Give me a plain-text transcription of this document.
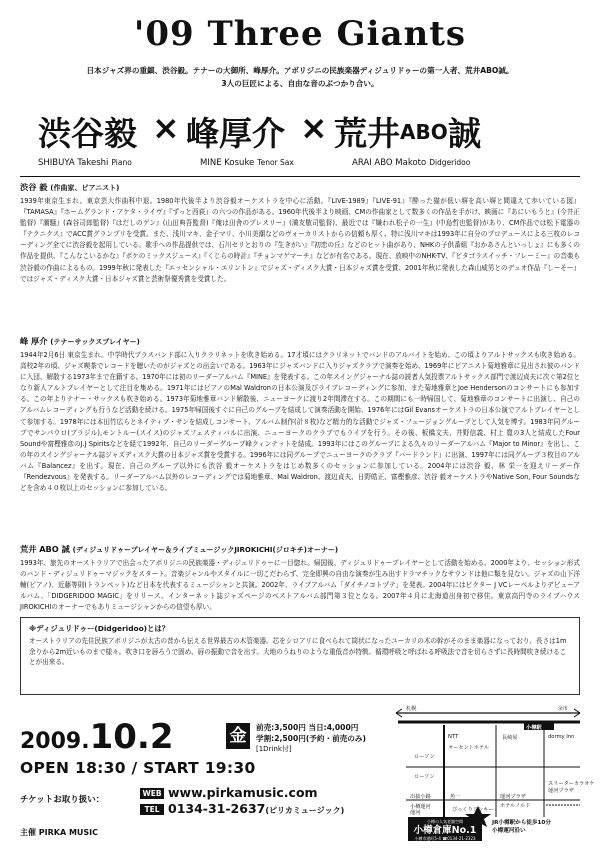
'09 Three Giants
日本ジャズ界の重鎮、渋谷毅。テナーの大御所、峰厚介。アボリジニの民族楽器ディジュリドゥーの第一人者、荒井ABO誠。
3人の巨匠による、自由な音のぶつかり合い。
渋谷毅 × 峰厚介 × 荒井 ABO 誠
SHIBUYA Takeshi Piano	MINE Kosuke Tenor Sax	ARAI ABO Makoto Didgeridoo
渋谷 毅 (作曲家、ピアニスト)

1939年東京生まれ。東京芸大作曲科中退。1980年代後半より渋谷毅オーケストラを中心に活動。『LIVE-1989』『LIVE-91』『酔った猫が低い塀を高い塀と間違えて歩いている図』『TAMASA』『ホームグランド・アケタ・ライヴ』『ずっと西荻』の六つの作品がある。1960年代後半より映画、CMの作曲家として数多くの作品を手がけ、映画に『あにいもうと』(今井正監督)『潮騒』(森谷司郎監督)『はだしのゲン』(山田典吾監督)『俺は田舎のプレスリー』(満友敬司監督)、最近では『嫌われ松子の一生』(中島哲也監督)があり、CM作品では松下電器の『テクニクス』でACC賞グランプリを受賞。また、浅川マキ、金子マリ、小川美潮などのヴォーカリストからの信頼も厚く、特に浅川マキは1993年に自分のプロデュースによる三枚のレコーディング全てに渋谷毅を起用している。歌手への作品提供では、石川セリとおりの『生きがい』『初恋の丘』などのヒット曲があり、NHKの子供番組『おかあさんといっしょ』にも多くの作品を提供、『こんなこいるかな』『ポケのミックスジュース』『くじらの時計』『チョンマゲマーチ』などが有名である。現在、放映中のNHK-TV、『ピタゴラスイッチ・フレーミー』の音楽も渋谷毅の作曲によるもの。1999年秋に発表した『エッセンシャル・エリントン』でジャズ・ディスク大賞・日本ジャズ賞を受賞、2001年秋に発表した森山威男とのデュオ作品『しーそー』ではジャズ・ディスク大賞・日本ジャズ賞と芸術祭優秀賞を受賞した。

峰 厚介 (テナーサックスプレイヤー)

1944年2月6日 東京生まれ。中学時代ブラスバンド部に入りクラリネットを吹き始める。17才頃にはクラリネットでバンドのアルバイトを始め、この頃よりアルトサックスも吹き始める。高校2年の頃、ジャズ喫茶でレコードを聴いたのがジャズとの出会いである。1963年にジャズバンドに入りジャズクラブで演奏を始め、1969年にピアニスト菊地雅章に見出され彼のバンドに入団、解散する1973年まで在籍する。1970年には初のリーダーアルバム『MINE』を発表する。この年スイングジャーナル誌の読者人気投票アルトサックス部門で渡辺貞夫に次ぐ第2位となり新人アルトプレイヤーとして注目を集める。1971年にはピアノのMal Waldronの日本公演及びライブレコーディングに参加、また菊地雅章とJoe Hendersonのコンサートにも参加する。この年よりテナー・サックスも吹き始める。1973年菊地雅章バンド解散後、ニューヨークに渡り2年間滞在する。この期間にも一時帰国して、菊地雅章のコンサートに出演し、自己のアルバムレコーディングも行うなど活動を続ける。1975年帰国後すぐに自己のグループを結成して演奏活動を開始、1976年にはGil Evansオーケストラの日本公演でアルトプレイヤーとして参加する。1978年には本田竹広らとネイティブ・サンを結成しコンサート、アルバム制作(計８枚)など精力的な活動でジャズ・フュージョングループとして人気を博す。1983年同グループでサンパウロ(ブラジル),モントルー(スイス)のジャズフェスティバルに出演、ニューヨークのクラブでもライブを行う。その後、板橋文夫、井野信義、村上 寛の3人と結成したFour Soundや富樫雅彦のJ.J Spiritsなどを経て1992年、自己のリーダーグループ峰クィンテットを結成。1993年にはこのグループによる久々のリーダーアルバム『Major to Minor』を出し、この年のスイングジャーナル誌ジャズディスク大賞の日本ジャズ賞を受賞する。1996年には同グループでニューヨークのクラブ『バードランド』に出演、1997年には同グループ３枚目のアルバム『Balancez』を出す。現在、自己のグループ以外にも渋谷 毅オーケストラをはじめ数多くのセッションに参加している。2004年には渋谷 毅、林 栄一を迎えリーダー作『Rendezvous』を発表する。リーダーアルバム以外のレコーディングでは菊地雅章、Mal Waldron、渡辺貞夫、日野皓正、富樫雅彦、渋谷 毅オーケストラやNative Son, Four Soundsなどを含め４０枚以上のセッションに参加している。

荒井 ABO 誠 (ディジュリドゥープレイヤー＆ライブミュージックJIROKICHI(ジロキチ)オーナー)

1993年、旅先のオーストラリアで出会ったアボリジニの民族楽器・ディジュリドゥーに一目惚れ。帰国後、ディジュリドゥープレイヤーとして活動を始める。2000年より、セッション形式のバンド・ディジュリドゥーマジックをスタート。音楽ジャンルやスタイルに一切こだわらず、完全即興の自由な演奏が生み出すドラマチックなサウンドは他に類を見ない。ジャズの山下洋輔(ピアノ)、近藤等則(トランペット)など日本を代表するミュージシャンと共演。2002年、ライブアルバム「ダイチノコトヅテ」を発表。2004年にはビクター J VCレーベルよりデビューアルバム、「DIDGERIDOO MAGIC」をリリース。インターネット誌ジャズページのベストアルバム部門第３位となる。2007年４月に北海道出身初で移住。東京高円寺のライブハウスJIROKICHIのオーナーでもありミュージシャンからの信望も厚い。

※ディジュリドゥー(Didgeridoo)とは？

オーストラリアの先住民族アボリジニが太古の昔から伝える世界最古の木管楽器。芯をシロアリに食べられて筒状になったユーカリの木の幹がそのまま楽器になっており、長さは1m余りから2m近いものまで様々。吹き口を唇ろうで固め、唇の振動で音を出す。大地のうねりのような重低音が特徴。循環呼吸と呼ばれる呼吸法で音を切らさずに長時間吹き続けることが出来る。

2009.10.2	金	前売:3,500円 当日:4,000円
学割:2,500円(予約・前売のみ)
[1Drink付]
OPEN 18:30 / START 19:30
チケットお取り扱い：
WEB www.pirkamusic.com
TEL 0134-31-2637(ピリカミュージック)
主催 PIRKA MUSIC
札幌	余市
小樽駅
NTT	長崎屋	dormy Inn
オーセントホテル
ローソン
ローソン
スリーターカラオケ
運河プラザ
出抜小路	魚一	運河プラザ
ホテルノルド
小樽運河
運河	びっくりドンキー
小樽の人気老舗空間
小樽倉庫No.1
小樽市港町5-4 ☎0134-21-2323
JR小樽駅から徒歩10分
小樽運河沿い
